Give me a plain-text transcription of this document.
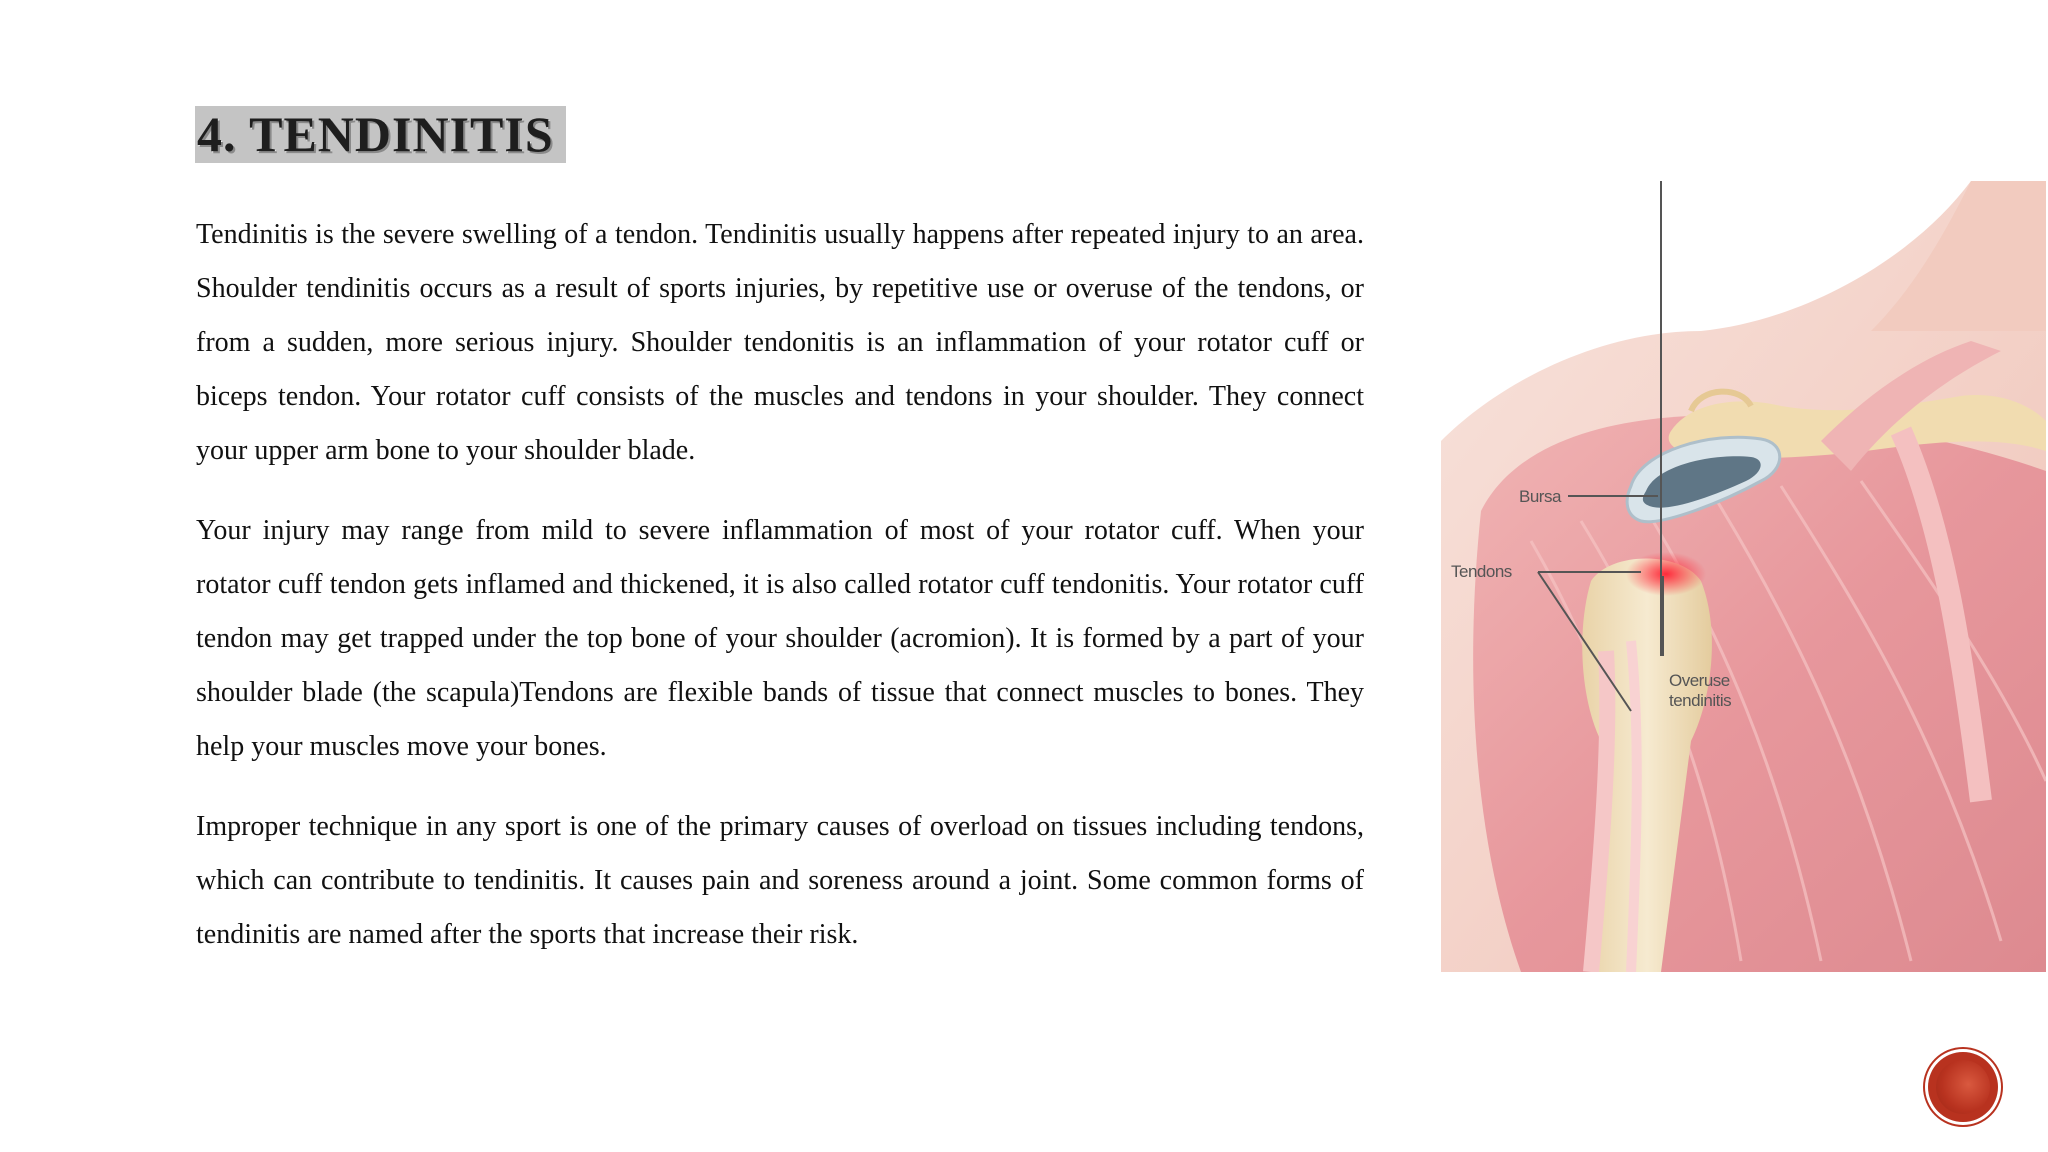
4. TENDINITIS

Tendinitis is the severe swelling of a tendon. Tendinitis usually happens after repeated injury to an area. Shoulder tendinitis occurs as a result of sports injuries, by repetitive use or overuse of the tendons, or from a sudden, more serious injury. Shoulder tendonitis is an inflammation of your rotator cuff or biceps tendon. Your rotator cuff consists of the muscles and tendons in your shoulder. They connect your upper arm bone to your shoulder blade.

Your injury may range from mild to severe inflammation of most of your rotator cuff. When your rotator cuff tendon gets inflamed and thickened, it is also called rotator cuff tendonitis. Your rotator cuff tendon may get trapped under the top bone of your shoulder (acromion). It is formed by a part of your shoulder blade (the scapula)Tendons are flexible bands of tissue that connect muscles to bones. They help your muscles move your bones.

Improper technique in any sport is one of the primary causes of overload on tissues including tendons, which can contribute to tendinitis. It causes pain and soreness around a joint. Some common forms of tendinitis are named after the sports that increase their risk.

Bursa
Tendons
Overuse tendinitis
